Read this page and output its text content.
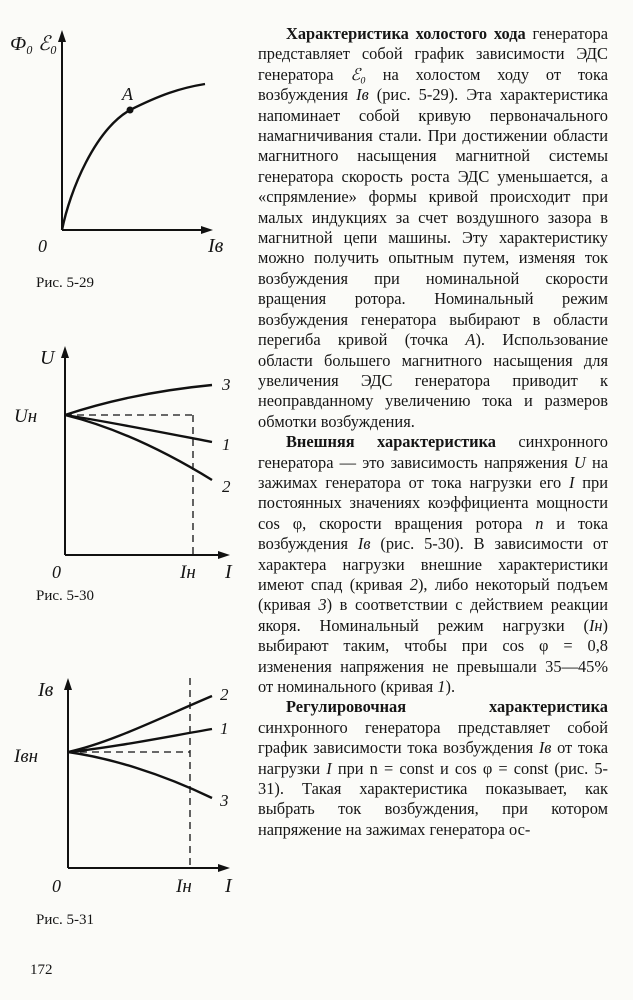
Ф₀ ℰ₀
Iв
0
A
Рис. 5-29
U
Uн
Iн I
0
1
2
3
Рис. 5-30
Iв
Iвн
Iн I
0
1
2
3
Рис. 5-31

Характеристика холостого хода генератора представляет собой график зависимости ЭДС генератора ℰ₀ на холостом ходу от тока возбуждения Iв (рис. 5-29). Эта характеристика напоминает собой кривую первоначального намагничивания стали. При достижении области магнитного насыщения магнитной системы генератора скорость роста ЭДС уменьшается, а «спрямление» формы кривой происходит при малых индукциях за счет воздушного зазора в магнитной цепи машины. Эту характеристику можно получить опытным путем, изменяя ток возбуждения при номинальной скорости вращения ротора. Номинальный режим возбуждения генератора выбирают в области перегиба кривой (точка A). Использование области большего магнитного насыщения для увеличения ЭДС генератора приводит к неоправданному увеличению тока и размеров обмотки возбуждения.

Внешняя характеристика синхронного генератора — это зависимость напряжения U на зажимах генератора от тока нагрузки его I при постоянных значениях коэффициента мощности cos φ, скорости вращения ротора n и тока возбуждения Iв (рис. 5-30). В зависимости от характера нагрузки внешние характеристики имеют спад (кривая 2), либо некоторый подъем (кривая 3) в соответствии с действием реакции якоря. Номинальный режим нагрузки (Iн) выбирают таким, чтобы при cos φ = 0,8 изменения напряжения не превышали 35—45% от номинального (кривая 1).

Регулировочная характеристика синхронного генератора представляет собой график зависимости тока возбуждения Iв от тока нагрузки I при n = const и cos φ = const (рис. 5-31). Такая характеристика показывает, как выбрать ток возбуждения, при котором напряжение на зажимах генератора ос-

172
